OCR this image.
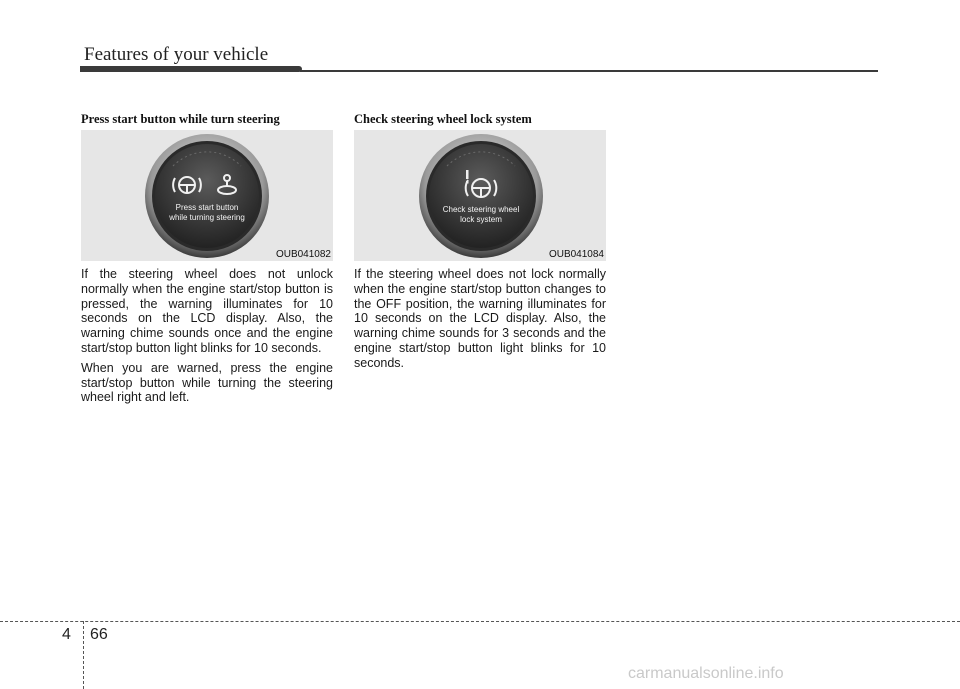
Features of your vehicle
Press start button while turn steering
Press start button
while turning steering
OUB041082

If the steering wheel does not unlock normally when the engine start/stop button is pressed, the warning illuminates for 10 seconds on the LCD display. Also, the warning chime sounds once and the engine start/stop button light blinks for 10 seconds.

When you are warned, press the engine start/stop button while turning the steering wheel right and left.

Check steering wheel lock system
Check steering wheel
lock system
OUB041084

If the steering wheel does not lock normally when the engine start/stop button changes to the OFF position, the warning illuminates for 10 seconds on the LCD display. Also, the warning chime sounds for 3 seconds and the engine start/stop button light blinks for 10 seconds.

4 66
carmanualsonline.info
